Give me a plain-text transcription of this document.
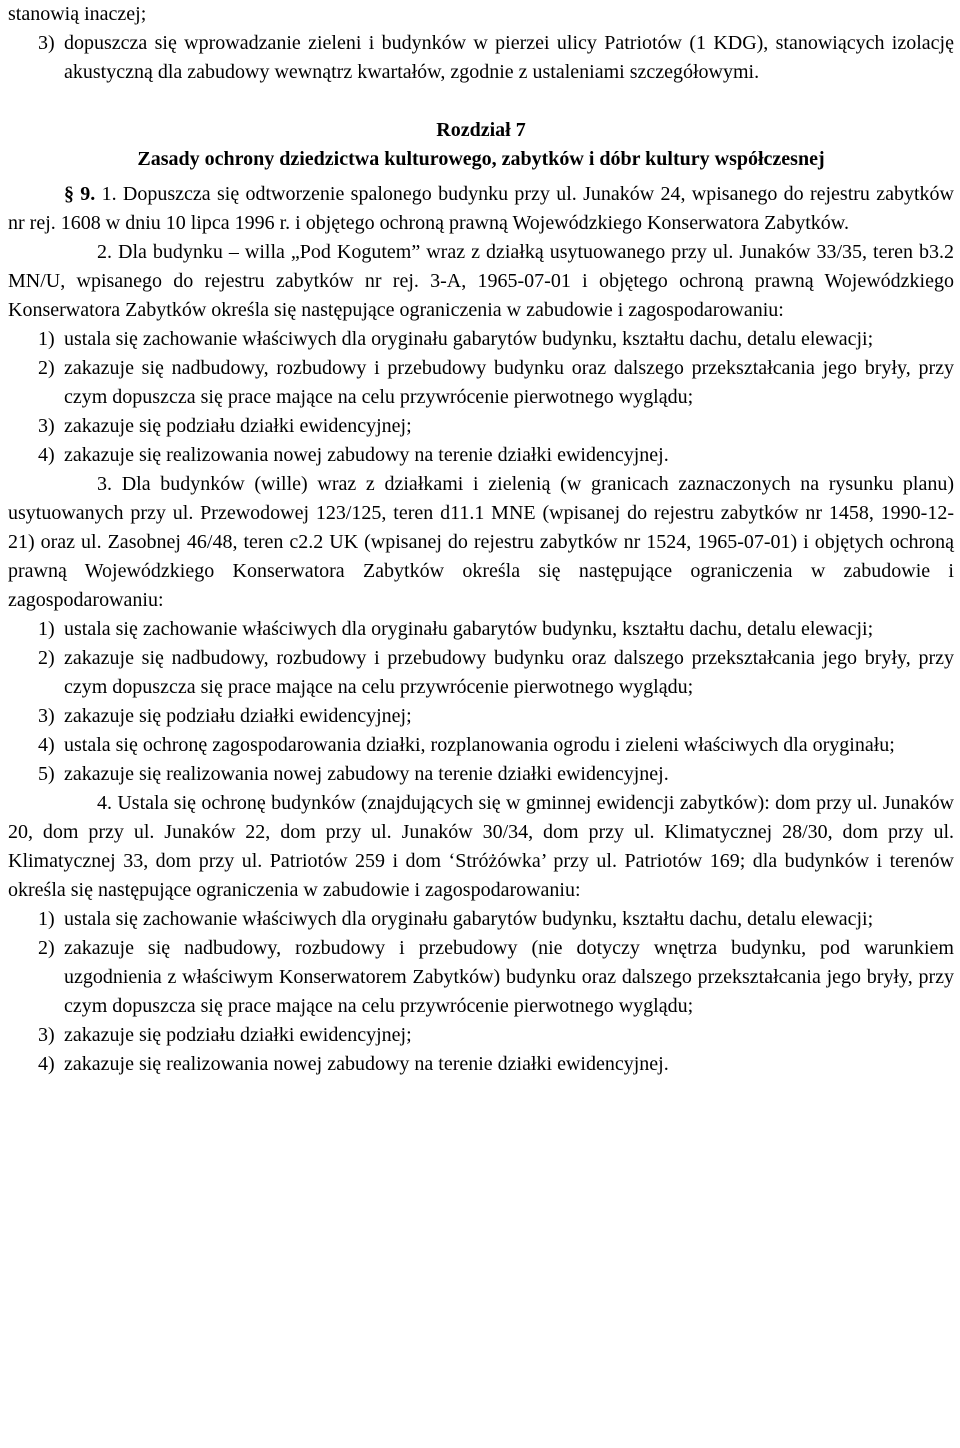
stanowią inaczej;

3) dopuszcza się wprowadzanie zieleni i budynków w pierzei ulicy Patriotów (1 KDG), stanowiących izolację akustyczną dla zabudowy wewnątrz kwartałów, zgodnie z ustaleniami szczegółowymi.

Rozdział 7

Zasady ochrony dziedzictwa kulturowego, zabytków i dóbr kultury współczesnej

§ 9. 1. Dopuszcza się odtworzenie spalonego budynku przy ul. Junaków 24, wpisanego do rejestru zabytków nr rej. 1608 w dniu 10 lipca 1996 r. i objętego ochroną prawną Wojewódzkiego Konserwatora Zabytków.

2. Dla budynku – willa „Pod Kogutem” wraz z działką usytuowanego przy ul. Junaków 33/35, teren b3.2 MN/U, wpisanego do rejestru zabytków nr rej. 3-A, 1965-07-01 i objętego ochroną prawną Wojewódzkiego Konserwatora Zabytków określa się następujące ograniczenia w zabudowie i zagospodarowaniu:

1) ustala się zachowanie właściwych dla oryginału gabarytów budynku, kształtu dachu, detalu elewacji;
2) zakazuje się nadbudowy, rozbudowy i przebudowy budynku oraz dalszego przekształcania jego bryły, przy czym dopuszcza się prace mające na celu przywrócenie pierwotnego wyglądu;
3) zakazuje się podziału działki ewidencyjnej;
4) zakazuje się realizowania nowej zabudowy na terenie działki ewidencyjnej.

3. Dla budynków (wille) wraz z działkami i zielenią (w granicach zaznaczonych na rysunku planu) usytuowanych przy ul. Przewodowej 123/125, teren d11.1 MNE (wpisanej do rejestru zabytków nr 1458, 1990-12-21) oraz ul. Zasobnej 46/48, teren c2.2 UK (wpisanej do rejestru zabytków nr 1524, 1965-07-01) i objętych ochroną prawną Wojewódzkiego Konserwatora Zabytków określa się następujące ograniczenia w zabudowie i zagospodarowaniu:

1) ustala się zachowanie właściwych dla oryginału gabarytów budynku, kształtu dachu, detalu elewacji;
2) zakazuje się nadbudowy, rozbudowy i przebudowy budynku oraz dalszego przekształcania jego bryły, przy czym dopuszcza się prace mające na celu przywrócenie pierwotnego wyglądu;
3) zakazuje się podziału działki ewidencyjnej;
4) ustala się ochronę zagospodarowania działki, rozplanowania ogrodu i zieleni właściwych dla oryginału;
5) zakazuje się realizowania nowej zabudowy na terenie działki ewidencyjnej.

4. Ustala się ochronę budynków (znajdujących się w gminnej ewidencji zabytków): dom przy ul. Junaków 20, dom przy ul. Junaków 22, dom przy ul. Junaków 30/34, dom przy ul. Klimatycznej 28/30, dom przy ul. Klimatycznej 33, dom przy ul. Patriotów 259 i dom ‘Stróżówka’ przy ul. Patriotów 169; dla budynków i terenów określa się następujące ograniczenia w zabudowie i zagospodarowaniu:

1) ustala się zachowanie właściwych dla oryginału gabarytów budynku, kształtu dachu, detalu elewacji;
2) zakazuje się nadbudowy, rozbudowy i przebudowy (nie dotyczy wnętrza budynku, pod warunkiem uzgodnienia z właściwym Konserwatorem Zabytków) budynku oraz dalszego przekształcania jego bryły, przy czym dopuszcza się prace mające na celu przywrócenie pierwotnego wyglądu;
3) zakazuje się podziału działki ewidencyjnej;
4) zakazuje się realizowania nowej zabudowy na terenie działki ewidencyjnej.
